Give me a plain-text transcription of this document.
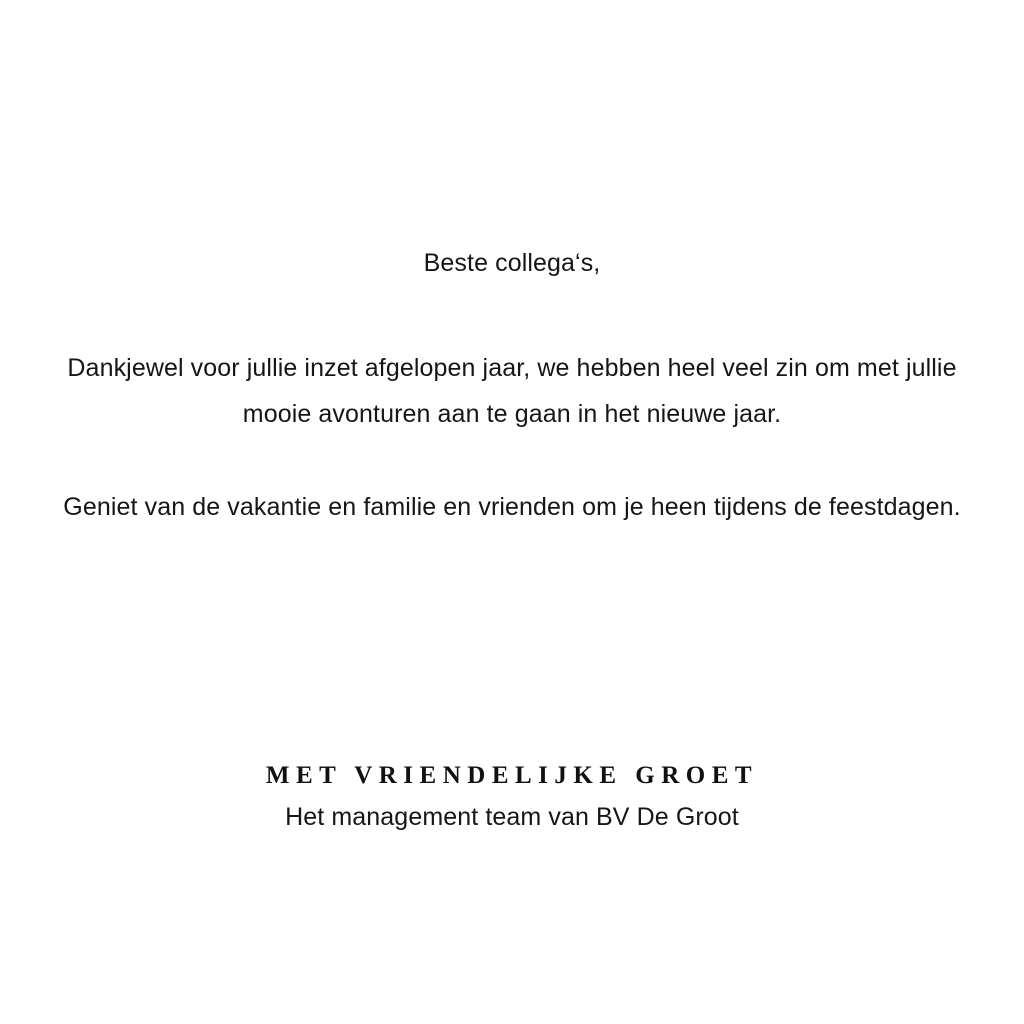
Beste collega‘s,

Dankjewel voor jullie inzet afgelopen jaar, we hebben heel veel zin om met jullie mooie avonturen aan te gaan in het nieuwe jaar.

Geniet van de vakantie en familie en vrienden om je heen tijdens de feestdagen.

MET VRIENDELIJKE GROET

Het management team van BV De Groot
